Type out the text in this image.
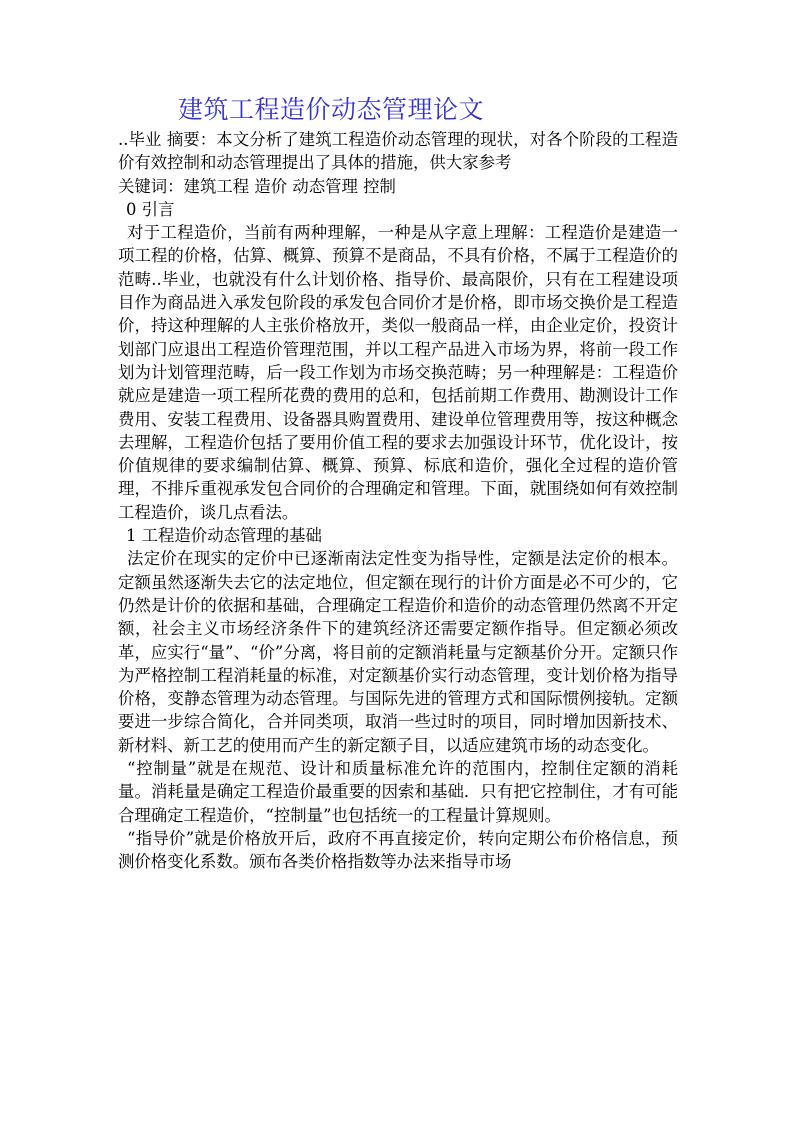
建筑工程造价动态管理论文

..毕业 摘要：本文分析了建筑工程造价动态管理的现状，对各个阶段的工程造价有效控制和动态管理提出了具体的措施，供大家参考

关键词：建筑工程 造价 动态管理 控制

0 引言

对于工程造价，当前有两种理解，一种是从字意上理解：工程造价是建造一项工程的价格，估算、概算、预算不是商品，不具有价格，不属于工程造价的范畴..毕业，也就没有什么计划价格、指导价、最高限价，只有在工程建设项目作为商品进入承发包阶段的承发包合同价才是价格，即市场交换价是工程造价，持这种理解的人主张价格放开，类似一般商品一样，由企业定价，投资计划部门应退出工程造价管理范围，并以工程产品进入市场为界，将前一段工作划为计划管理范畴，后一段工作划为市场交换范畴；另一种理解是：工程造价就应是建造一项工程所花费的费用的总和，包括前期工作费用、勘测设计工作费用、安装工程费用、设备器具购置费用、建设单位管理费用等，按这种概念去理解，工程造价包括了要用价值工程的要求去加强设计环节，优化设计，按价值规律的要求编制估算、概算、预算、标底和造价，强化全过程的造价管理，不排斥重视承发包合同价的合理确定和管理。下面，就围绕如何有效控制工程造价，谈几点看法。

1 工程造价动态管理的基础

法定价在现实的定价中已逐渐南法定性变为指导性，定额是法定价的根本。定额虽然逐渐失去它的法定地位，但定额在现行的计价方面是必不可少的，它仍然是计价的依据和基础，合理确定工程造价和造价的动态管理仍然离不开定额，社会主义市场经济条件下的建筑经济还需要定额作指导。但定额必须改革，应实行“量”、“价”分离，将目前的定额消耗量与定额基价分开。定额只作为严格控制工程消耗量的标准，对定额基价实行动态管理，变计划价格为指导价格，变静态管理为动态管理。与国际先进的管理方式和国际惯例接轨。定额要进一步综合简化，合并同类项，取消一些过时的项目，同时增加因新技术、新材料、新工艺的使用而产生的新定额子目，以适应建筑市场的动态变化。

“控制量”就是在规范、设计和质量标准允许的范围内，控制住定额的消耗量。消耗量是确定工程造价最重要的因索和基础．只有把它控制住，才有可能合理确定工程造价，“控制量”也包括统一的工程量计算规则。

“指导价”就是价格放开后，政府不再直接定价，转向定期公布价格信息，预测价格变化系数。颁布各类价格指数等办法来指导市场
